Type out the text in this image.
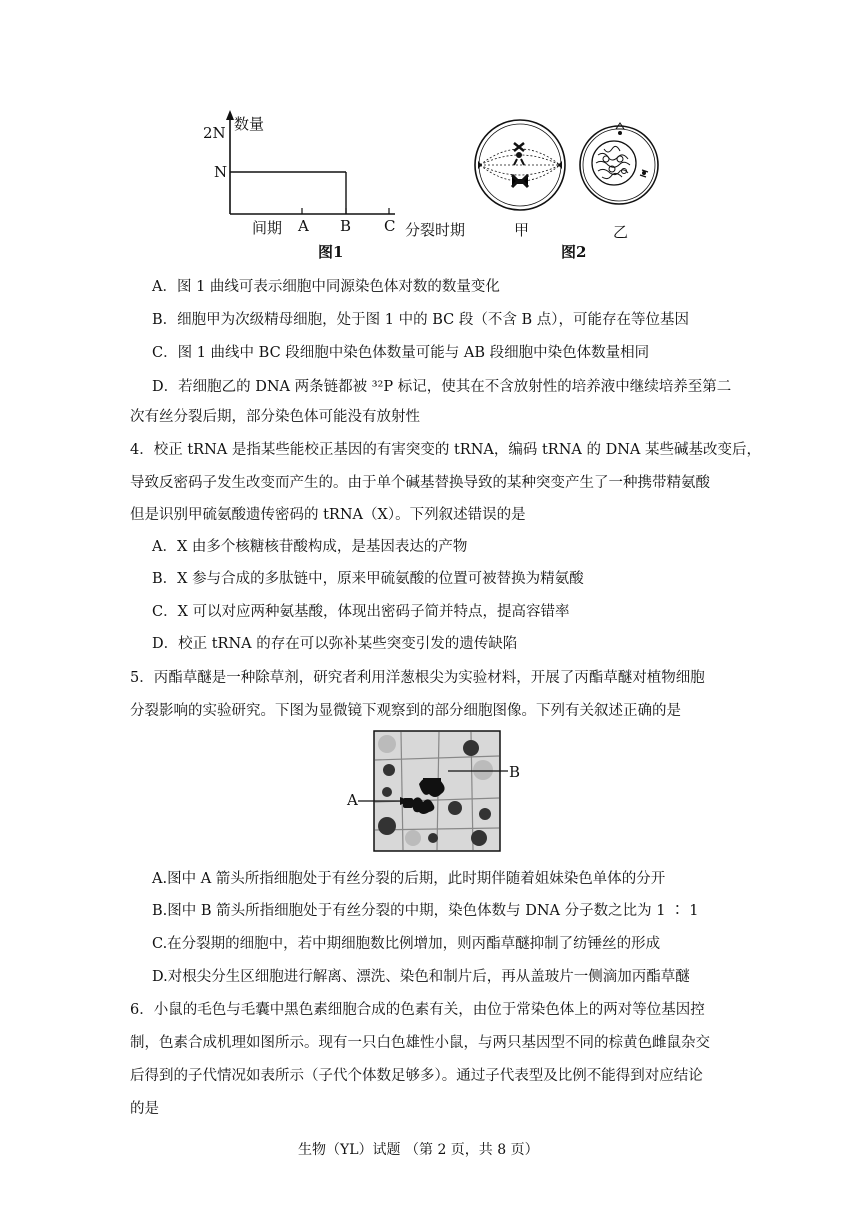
数量
2N
N
间期 A B C 分裂时期
图1
甲	乙
图2
A．图 1 曲线可表示细胞中同源染色体对数的数量变化
B．细胞甲为次级精母细胞，处于图 1 中的 BC 段（不含 B 点），可能存在等位基因
C．图 1 曲线中 BC 段细胞中染色体数量可能与 AB 段细胞中染色体数量相同
D．若细胞乙的 DNA 两条链都被 ³²P 标记，使其在不含放射性的培养液中继续培养至第二
次有丝分裂后期，部分染色体可能没有放射性
4．校正 tRNA 是指某些能校正基因的有害突变的 tRNA，编码 tRNA 的 DNA 某些碱基改变后，
导致反密码子发生改变而产生的。由于单个碱基替换导致的某种突变产生了一种携带精氨酸
但是识别甲硫氨酸遗传密码的 tRNA（X）。下列叙述错误的是
A．X 由多个核糖核苷酸构成，是基因表达的产物
B．X 参与合成的多肽链中，原来甲硫氨酸的位置可被替换为精氨酸
C．X 可以对应两种氨基酸，体现出密码子简并特点，提高容错率
D．校正 tRNA 的存在可以弥补某些突变引发的遗传缺陷
5．丙酯草醚是一种除草剂，研究者利用洋葱根尖为实验材料，开展了丙酯草醚对植物细胞
分裂影响的实验研究。下图为显微镜下观察到的部分细胞图像。下列有关叙述正确的是
A
B
A.图中 A 箭头所指细胞处于有丝分裂的后期，此时期伴随着姐妹染色单体的分开
B.图中 B 箭头所指细胞处于有丝分裂的中期，染色体数与 DNA 分子数之比为 1 ∶ 1
C.在分裂期的细胞中，若中期细胞数比例增加，则丙酯草醚抑制了纺锤丝的形成
D.对根尖分生区细胞进行解离、漂洗、染色和制片后，再从盖玻片一侧滴加丙酯草醚
6．小鼠的毛色与毛囊中黑色素细胞合成的色素有关，由位于常染色体上的两对等位基因控
制，色素合成机理如图所示。现有一只白色雄性小鼠，与两只基因型不同的棕黄色雌鼠杂交
后得到的子代情况如表所示（子代个体数足够多）。通过子代表型及比例不能得到对应结论
的是
生物（YL）试题 （第 2 页，共 8 页）
